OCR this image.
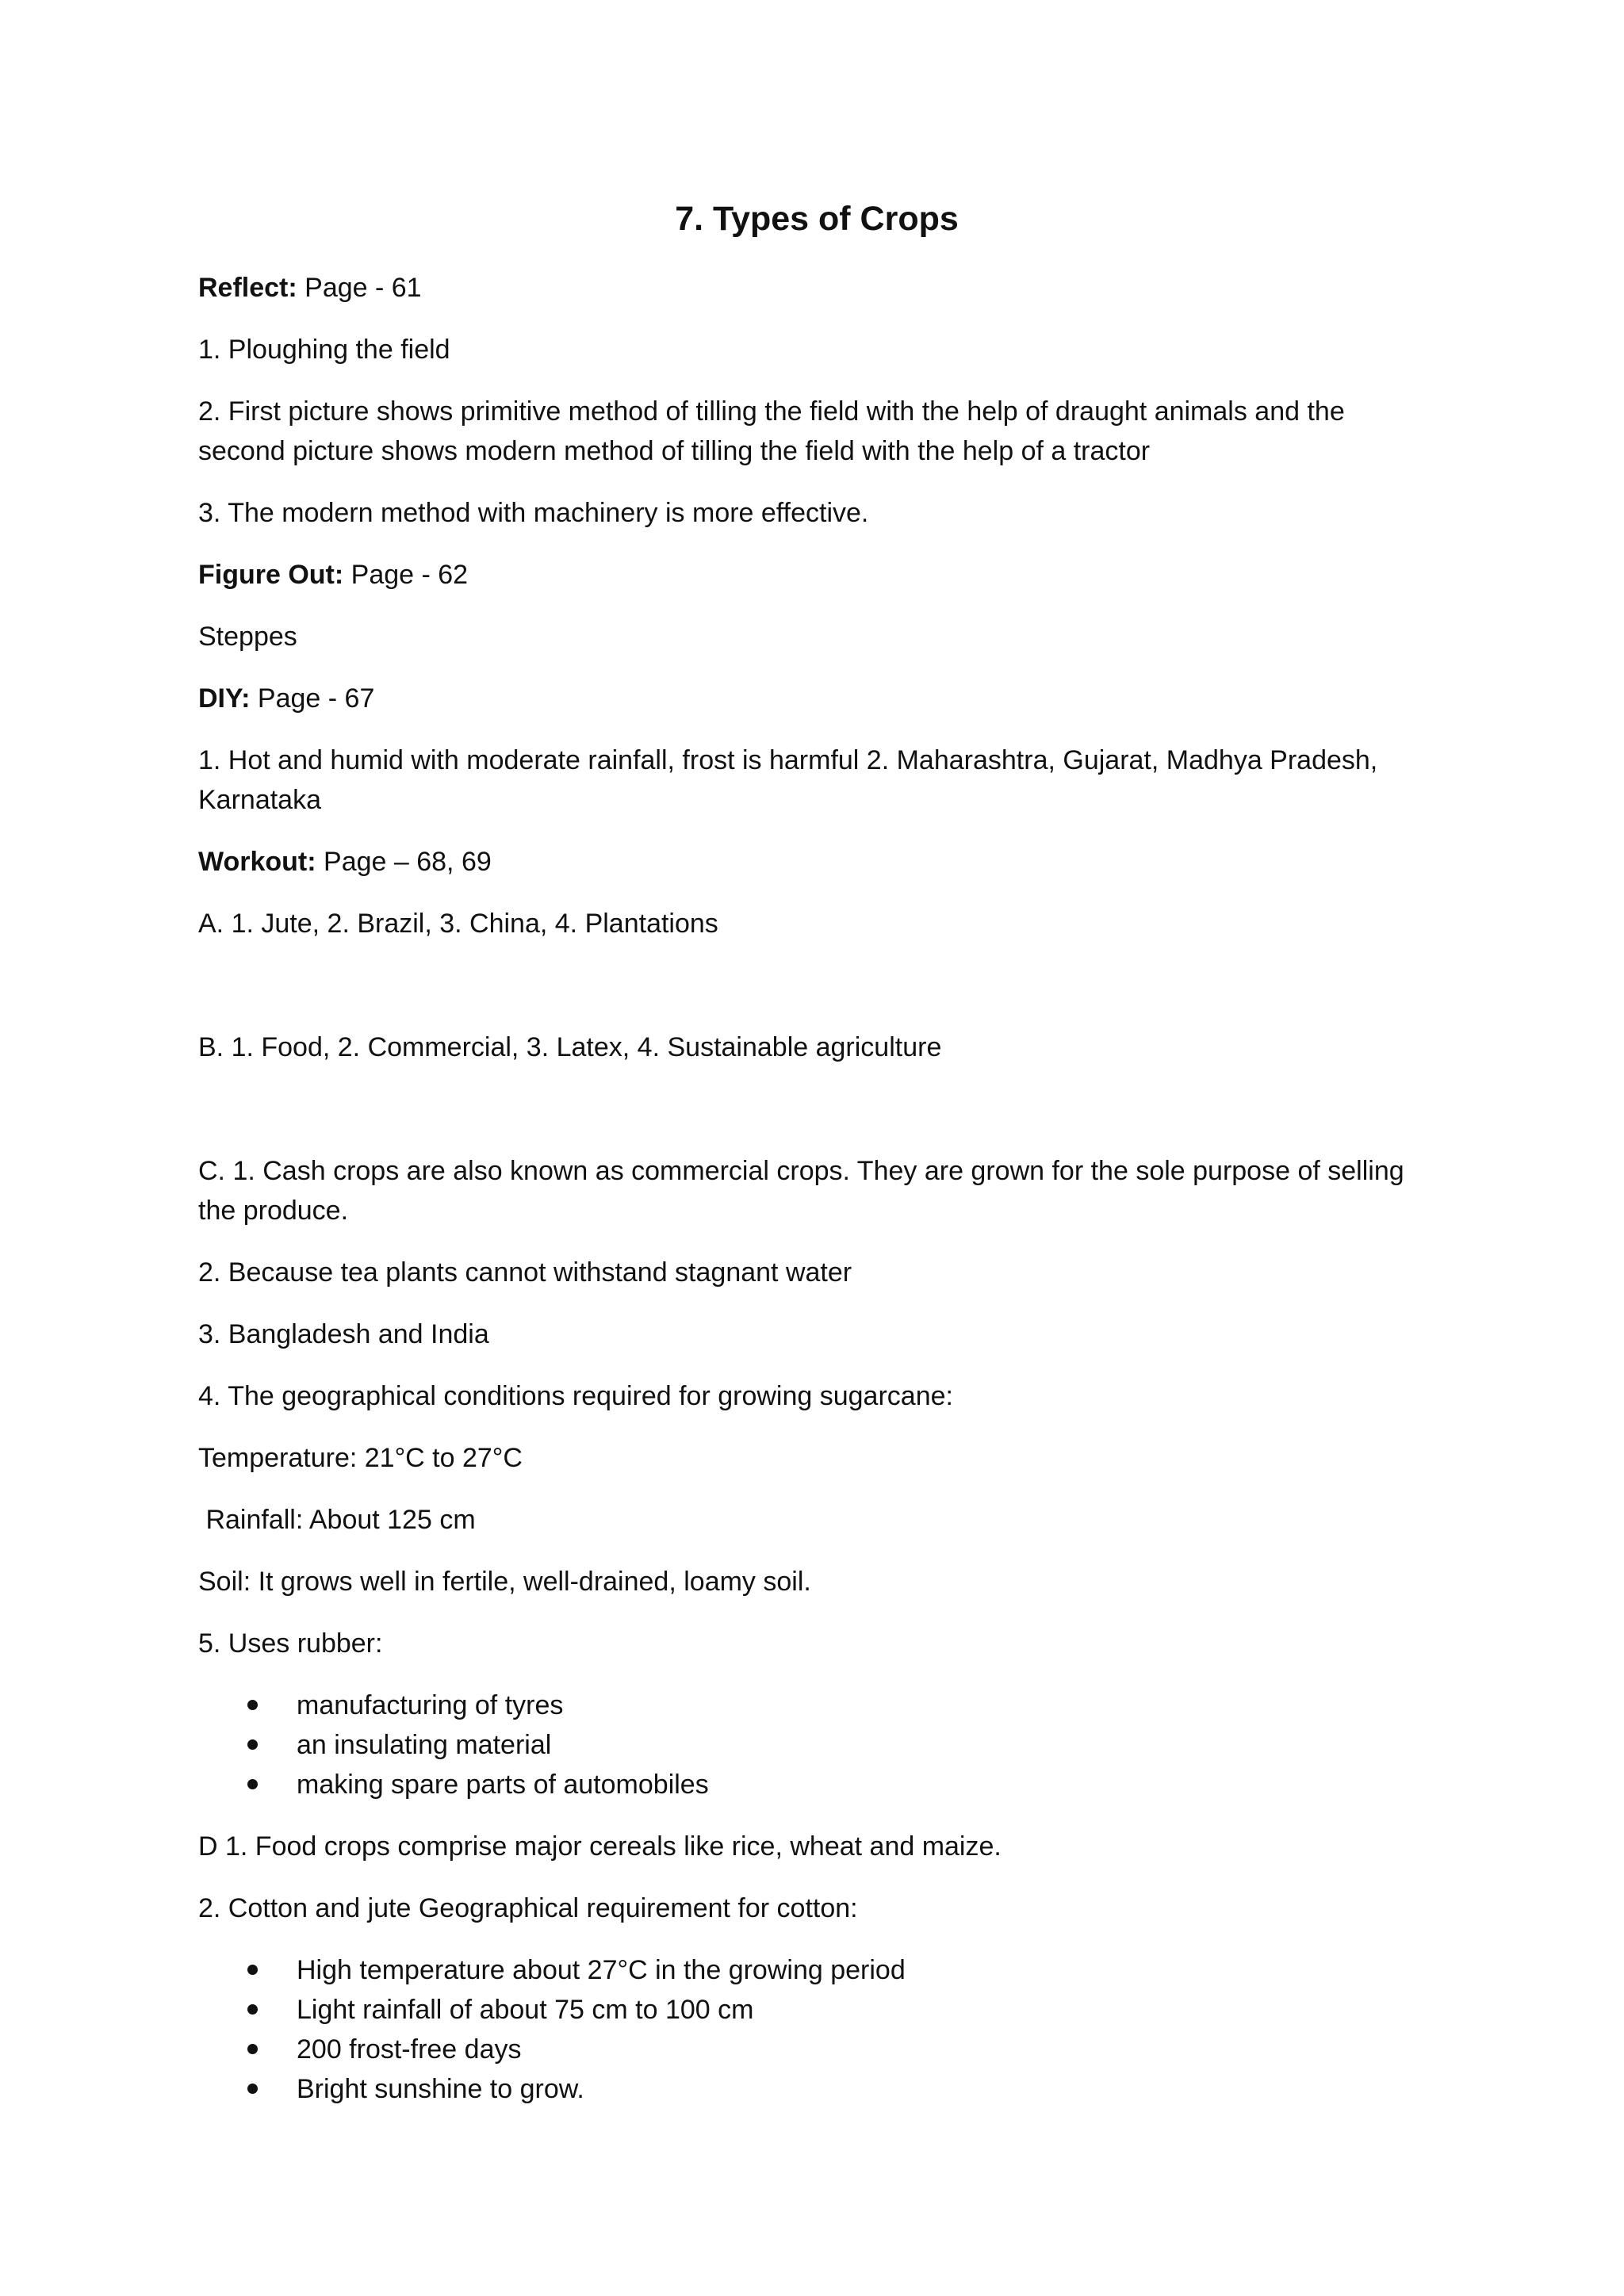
7. Types of Crops

Reflect: Page - 61

1. Ploughing the field

2. First picture shows primitive method of tilling the field with the help of draught animals and the second picture shows modern method of tilling the field with the help of a tractor

3. The modern method with machinery is more effective.

Figure Out: Page - 62

Steppes

DIY: Page - 67

1. Hot and humid with moderate rainfall, frost is harmful 2. Maharashtra, Gujarat, Madhya Pradesh, Karnataka

Workout: Page – 68, 69

A. 1. Jute, 2. Brazil, 3. China, 4. Plantations

B. 1. Food, 2. Commercial, 3. Latex, 4. Sustainable agriculture

C. 1. Cash crops are also known as commercial crops. They are grown for the sole purpose of selling the produce.

2. Because tea plants cannot withstand stagnant water

3. Bangladesh and India

4. The geographical conditions required for growing sugarcane:

Temperature: 21°C to 27°C

Rainfall: About 125 cm

Soil: It grows well in fertile, well-drained, loamy soil.

5. Uses rubber:

manufacturing of tyres
an insulating material
making spare parts of automobiles

D 1. Food crops comprise major cereals like rice, wheat and maize.

2. Cotton and jute Geographical requirement for cotton:

High temperature about 27°C in the growing period
Light rainfall of about 75 cm to 100 cm
200 frost-free days
Bright sunshine to grow.
